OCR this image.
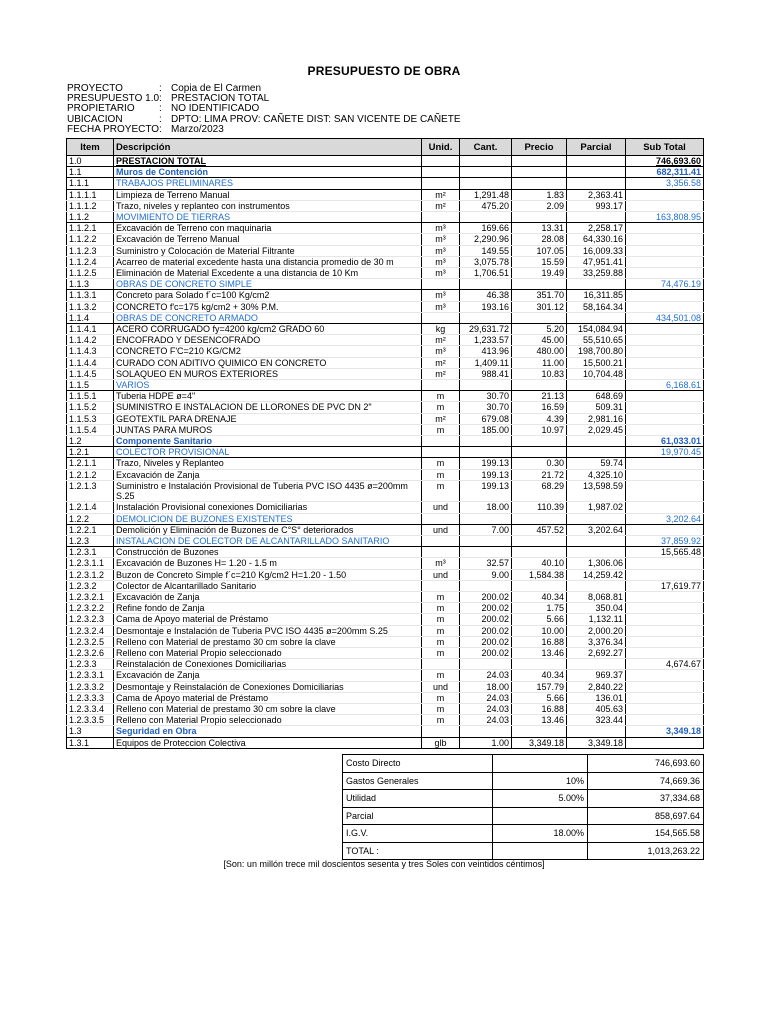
PRESUPUESTO DE OBRA
PROYECTO	: Copia de El Carmen
PRESUPUESTO 1.0 : PRESTACION TOTAL
PROPIETARIO	: NO IDENTIFICADO
UBICACION	: DPTO: LIMA PROV: CAÑETE DIST: SAN VICENTE DE CAÑETE
FECHA PROYECTO : Marzo/2023
Item	Descripción	Unid.	Cant.	Precio	Parcial	Sub Total
1.0	PRESTACION TOTAL					746,693.60
1.1	Muros de Contención					682,311.41
1.1.1	TRABAJOS PRELIMINARES					3,356.58
1.1.1.1	Limpieza de Terreno Manual	m²	1,291.48	1.83	2,363.41	
1.1.1.2	Trazo, niveles y replanteo con instrumentos	m²	475.20	2.09	993.17	
1.1.2	MOVIMIENTO DE TIERRAS					163,808.95
1.1.2.1	Excavación de Terreno con maquinaria	m³	169.66	13.31	2,258.17	
1.1.2.2	Excavación de Terreno Manual	m³	2,290.96	28.08	64,330.16	
1.1.2.3	Suministro y Colocación de Material Filtrante	m³	149.55	107.05	16,009.33	
1.1.2.4	Acarreo de material excedente hasta una distancia promedio de 30 m	m³	3,075.78	15.59	47,951.41	
1.1.2.5	Eliminación de Material Excedente a una distancia de 10 Km	m³	1,706.51	19.49	33,259.88	
1.1.3	OBRAS DE CONCRETO SIMPLE					74,476.19
1.1.3.1	Concreto para Solado f´c=100 Kg/cm2	m³	46.38	351.70	16,311.85	
1.1.3.2	CONCRETO f'c=175 kg/cm2 + 30% P.M.	m³	193.16	301.12	58,164.34	
1.1.4	OBRAS DE CONCRETO ARMADO					434,501.08
1.1.4.1	ACERO CORRUGADO fy=4200 kg/cm2 GRADO 60	kg	29,631.72	5.20	154,084.94	
1.1.4.2	ENCOFRADO Y DESENCOFRADO	m²	1,233.57	45.00	55,510.65	
1.1.4.3	CONCRETO F'C=210 KG/CM2	m³	413.96	480.00	198,700.80	
1.1.4.4	CURADO CON ADITIVO QUIMICO EN CONCRETO	m²	1,409.11	11.00	15,500.21	
1.1.4.5	SOLAQUEO EN MUROS EXTERIORES	m²	988.41	10.83	10,704.48	
1.1.5	VARIOS					6,168.61
1.1.5.1	Tuberia HDPE ø=4"	m	30.70	21.13	648.69	
1.1.5.2	SUMINISTRO E INSTALACION DE LLORONES DE PVC DN 2"	m	30.70	16.59	509.31	
1.1.5.3	GEOTEXTIL PARA DRENAJE	m²	679.08	4.39	2,981.16	
1.1.5.4	JUNTAS PARA MUROS	m	185.00	10.97	2,029.45	
1.2	Componente Sanitario					61,033.01
1.2.1	COLECTOR PROVISIONAL					19,970.45
1.2.1.1	Trazo, Niveles y Replanteo	m	199.13	0.30	59.74	
1.2.1.2	Excavación de Zanja	m	199.13	21.72	4,325.10	
1.2.1.3	Suministro e Instalación Provisional de Tuberia PVC ISO 4435 ø=200mm S.25	m	199.13	68.29	13,598.59	
1.2.1.4	Instalación Provisional conexiones Domiciliarias	und	18.00	110.39	1,987.02	
1.2.2	DEMOLICION DE BUZONES EXISTENTES					3,202.64
1.2.2.1	Demolición y Eliminación de Buzones de C°S° deteriorados	und	7.00	457.52	3,202.64	
1.2.3	INSTALACION DE COLECTOR DE ALCANTARILLADO SANITARIO					37,859.92
1.2.3.1	Construcción de Buzones					15,565.48
1.2.3.1.1	Excavación de Buzones H= 1.20 - 1.5 m	m³	32.57	40.10	1,306.06	
1.2.3.1.2	Buzon de Concreto Simple f´c=210 Kg/cm2 H=1.20 - 1.50	und	9.00	1,584.38	14,259.42	
1.2.3.2	Colector de Alcantarillado Sanitario					17,619.77
1.2.3.2.1	Excavación de Zanja	m	200.02	40.34	8,068.81	
1.2.3.2.2	Refine fondo de Zanja	m	200.02	1.75	350.04	
1.2.3.2.3	Cama de Apoyo material de Préstamo	m	200.02	5.66	1,132.11	
1.2.3.2.4	Desmontaje e Instalación de Tuberia PVC ISO 4435 ø=200mm S.25	m	200.02	10.00	2,000.20	
1.2.3.2.5	Relleno con Material de prestamo 30 cm sobre la clave	m	200.02	16.88	3,376.34	
1.2.3.2.6	Relleno con Material Propio seleccionado	m	200.02	13.46	2,692.27	
1.2.3.3	Reinstalación de Conexiones Domiciliarias					4,674.67
1.2.3.3.1	Excavación de Zanja	m	24.03	40.34	969.37	
1.2.3.3.2	Desmontaje y Reinstalación de Conexiones Domiciliarias	und	18.00	157.79	2,840.22	
1.2.3.3.3	Cama de Apoyo material de Préstamo	m	24.03	5.66	136.01	
1.2.3.3.4	Relleno con Material de prestamo 30 cm sobre la clave	m	24.03	16.88	405.63	
1.2.3.3.5	Relleno con Material Propio seleccionado	m	24.03	13.46	323.44	
1.3	Seguridad en Obra					3,349.18
1.3.1	Equipos de Proteccion Colectiva	glb	1.00	3,349.18	3,349.18	
Costo Directo		746,693.60
Gastos Generales	10%	74,669.36
Utilidad	5.00%	37,334.68
Parcial		858,697.64
I.G.V.	18.00%	154,565.58
TOTAL :		1,013,263.22
[Son: un millón trece mil doscientos sesenta y tres Soles con veintidos céntimos]
